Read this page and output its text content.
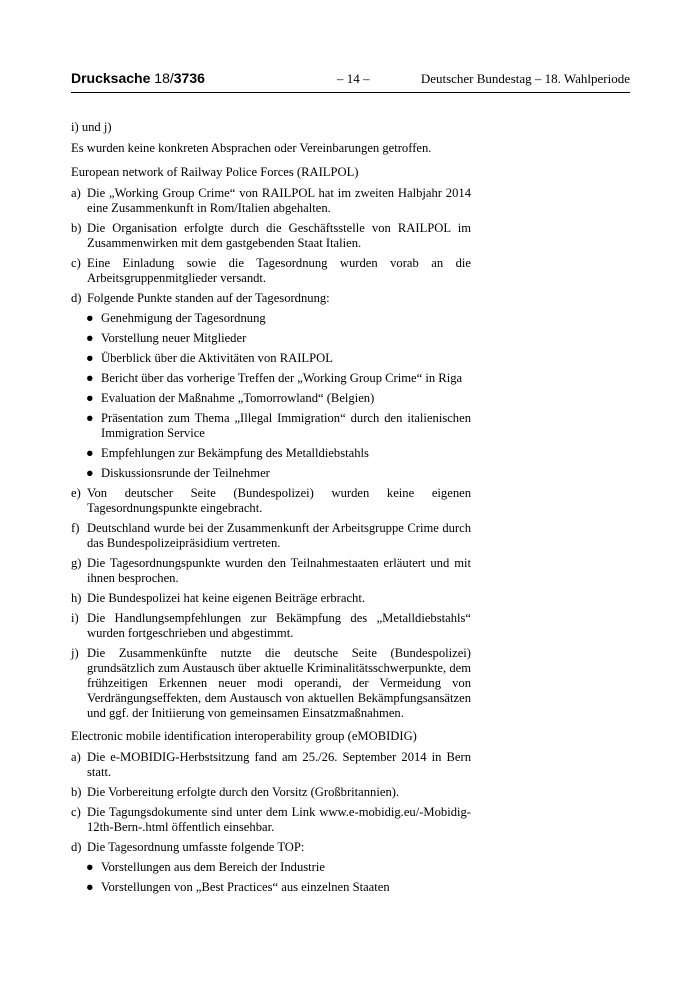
Drucksache 18/3736	– 14 –	Deutscher Bundestag – 18. Wahlperiode

i) und j)

Es wurden keine konkreten Absprachen oder Vereinbarungen getroffen.

European network of Railway Police Forces (RAILPOL)

a) Die „Working Group Crime“ von RAILPOL hat im zweiten Halbjahr 2014 eine Zusammenkunft in Rom/Italien abgehalten.
b) Die Organisation erfolgte durch die Geschäftsstelle von RAILPOL im Zusammenwirken mit dem gastgebenden Staat Italien.
c) Eine Einladung sowie die Tagesordnung wurden vorab an die Arbeitsgruppenmitglieder versandt.
d) Folgende Punkte standen auf der Tagesordnung:
● Genehmigung der Tagesordnung
● Vorstellung neuer Mitglieder
● Überblick über die Aktivitäten von RAILPOL
● Bericht über das vorherige Treffen der „Working Group Crime“ in Riga
● Evaluation der Maßnahme „Tomorrowland“ (Belgien)
● Präsentation zum Thema „Illegal Immigration“ durch den italienischen Immigration Service
● Empfehlungen zur Bekämpfung des Metalldiebstahls
● Diskussionsrunde der Teilnehmer
e) Von deutscher Seite (Bundespolizei) wurden keine eigenen Tagesordnungspunkte eingebracht.
f) Deutschland wurde bei der Zusammenkunft der Arbeitsgruppe Crime durch das Bundespolizeipräsidium vertreten.
g) Die Tagesordnungspunkte wurden den Teilnahmestaaten erläutert und mit ihnen besprochen.
h) Die Bundespolizei hat keine eigenen Beiträge erbracht.
i) Die Handlungsempfehlungen zur Bekämpfung des „Metalldiebstahls“ wurden fortgeschrieben und abgestimmt.
j) Die Zusammenkünfte nutzte die deutsche Seite (Bundespolizei) grundsätzlich zum Austausch über aktuelle Kriminalitätsschwerpunkte, dem frühzeitigen Erkennen neuer modi operandi, der Vermeidung von Verdrängungseffekten, dem Austausch von aktuellen Bekämpfungsansätzen und ggf. der Initiierung von gemeinsamen Einsatzmaßnahmen.

Electronic mobile identification interoperability group (eMOBIDIG)

a) Die e-MOBIDIG-Herbstsitzung fand am 25./26. September 2014 in Bern statt.
b) Die Vorbereitung erfolgte durch den Vorsitz (Großbritannien).
c) Die Tagungsdokumente sind unter dem Link www.e-mobidig.eu/-Mobidig-12th-Bern-.html öffentlich einsehbar.
d) Die Tagesordnung umfasste folgende TOP:
● Vorstellungen aus dem Bereich der Industrie
● Vorstellungen von „Best Practices“ aus einzelnen Staaten
